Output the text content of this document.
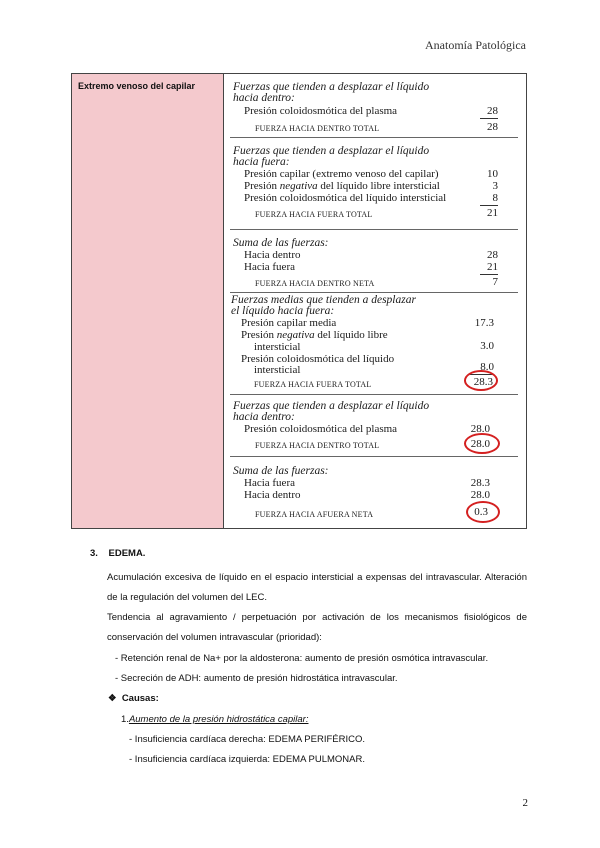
Anatomía Patológica
Extremo venoso del capilar	Fuerzas que tienden a desplazar el líquido
hacia dentro:
Presión coloidosmótica del plasma	28
FUERZA HACIA DENTRO TOTAL	28
Fuerzas que tienden a desplazar el líquido
hacia fuera:
Presión capilar (extremo venoso del capilar)	10
Presión negativa del líquido libre intersticial	3
Presión coloidosmótica del líquido intersticial	8
FUERZA HACIA FUERA TOTAL	21
Suma de las fuerzas:
Hacia dentro	28
Hacia fuera	21
FUERZA HACIA DENTRO NETA	7
Fuerzas medias que tienden a desplazar
el líquido hacia fuera:
Presión capilar media	17.3
Presión negativa del líquido libre
intersticial	3.0
Presión coloidosmótica del líquido
intersticial	8.0
FUERZA HACIA FUERA TOTAL	28.3
Fuerzas que tienden a desplazar el líquido
hacia dentro:
Presión coloidosmótica del plasma	28.0
FUERZA HACIA DENTRO TOTAL	28.0
Suma de las fuerzas:
Hacia fuera	28.3
Hacia dentro	28.0
FUERZA HACIA AFUERA NETA	0.3
3. EDEMA.
Acumulación excesiva de líquido en el espacio intersticial a expensas del intravascular. Alteración de la regulación del volumen del LEC.
Tendencia al agravamiento / perpetuación por activación de los mecanismos fisiológicos de conservación del volumen intravascular (prioridad):
- Retención renal de Na+ por la aldosterona: aumento de presión osmótica intravascular.
- Secreción de ADH: aumento de presión hidrostática intravascular.
❖ Causas:
1.Aumento de la presión hidrostática capilar:
- Insuficiencia cardíaca derecha: EDEMA PERIFÉRICO.
- Insuficiencia cardíaca izquierda: EDEMA PULMONAR.
2
